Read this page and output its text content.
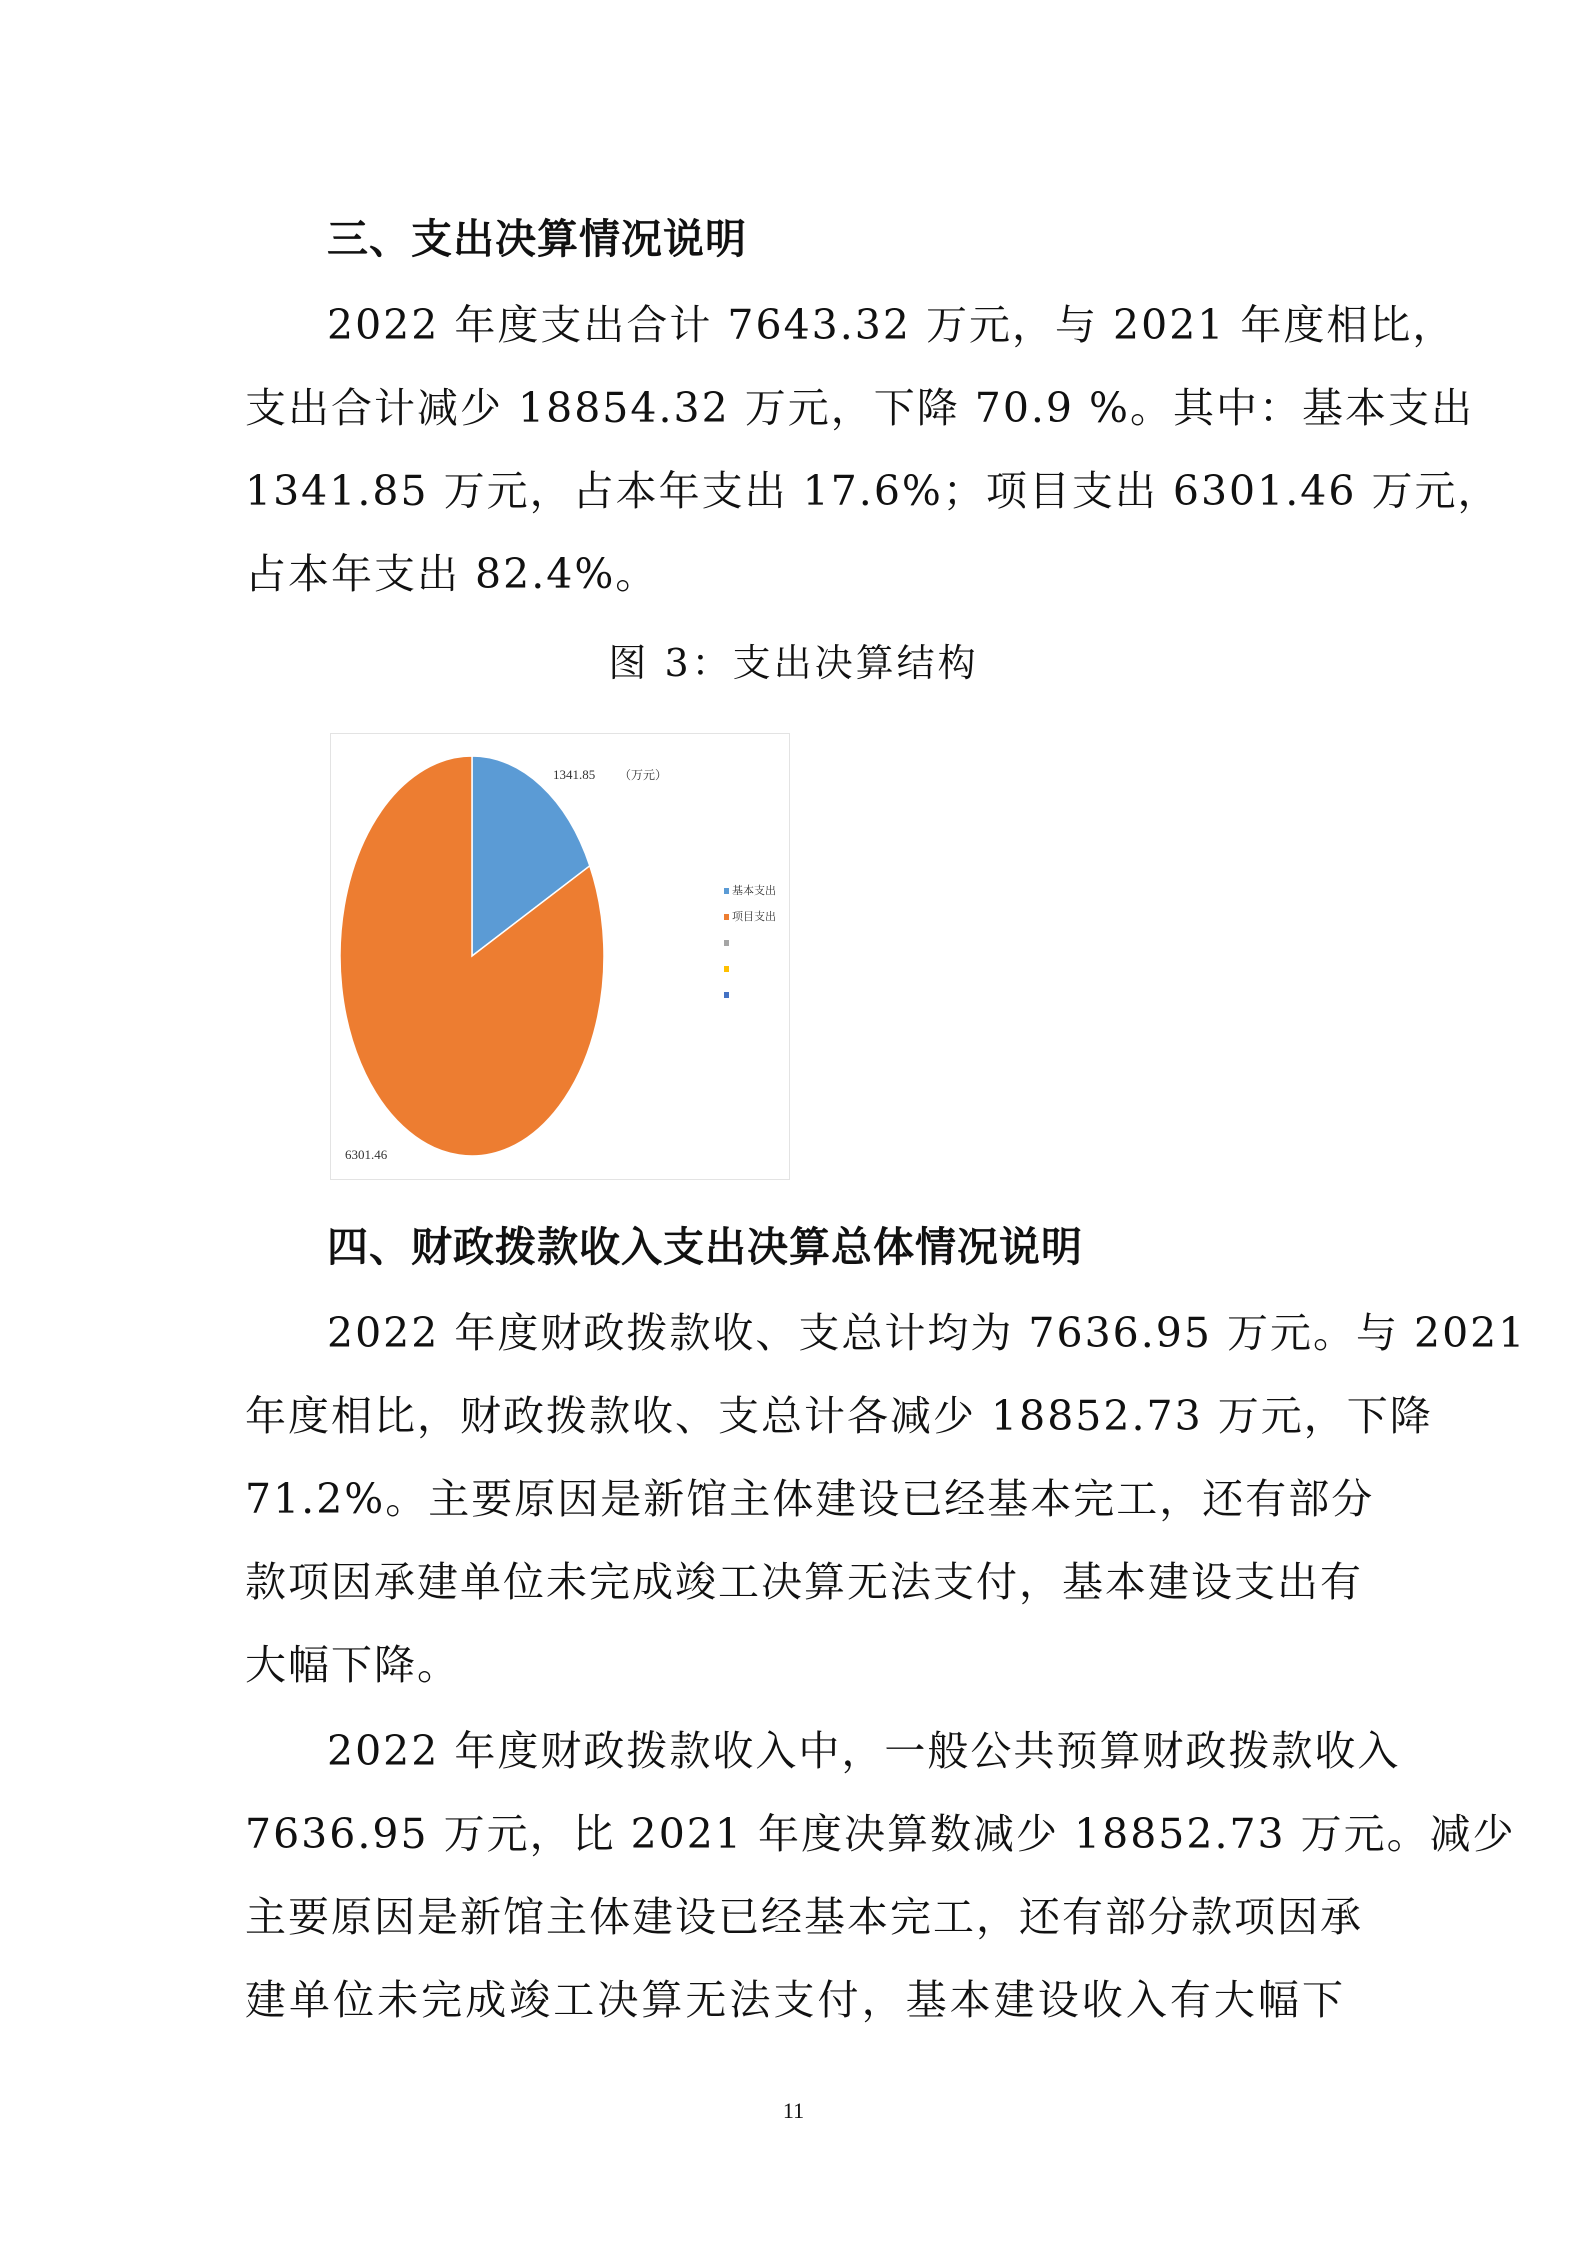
三、支出决算情况说明
2022 年度支出合计 7643.32 万元，与 2021 年度相比，
支出合计减少 18854.32 万元，下降 70.9 %。其中：基本支出
1341.85 万元，占本年支出 17.6%；项目支出 6301.46 万元，
占本年支出 82.4%。
图 3：支出决算结构
1341.85
6301.46
（万元）
基本支出
项目支出
四、财政拨款收入支出决算总体情况说明
2022 年度财政拨款收、支总计均为 7636.95 万元。与 2021
年度相比，财政拨款收、支总计各减少 18852.73 万元，下降
71.2%。主要原因是新馆主体建设已经基本完工，还有部分
款项因承建单位未完成竣工决算无法支付，基本建设支出有
大幅下降。
2022 年度财政拨款收入中，一般公共预算财政拨款收入
7636.95 万元，比 2021 年度决算数减少 18852.73 万元。减少
主要原因是新馆主体建设已经基本完工，还有部分款项因承
建单位未完成竣工决算无法支付，基本建设收入有大幅下
11
